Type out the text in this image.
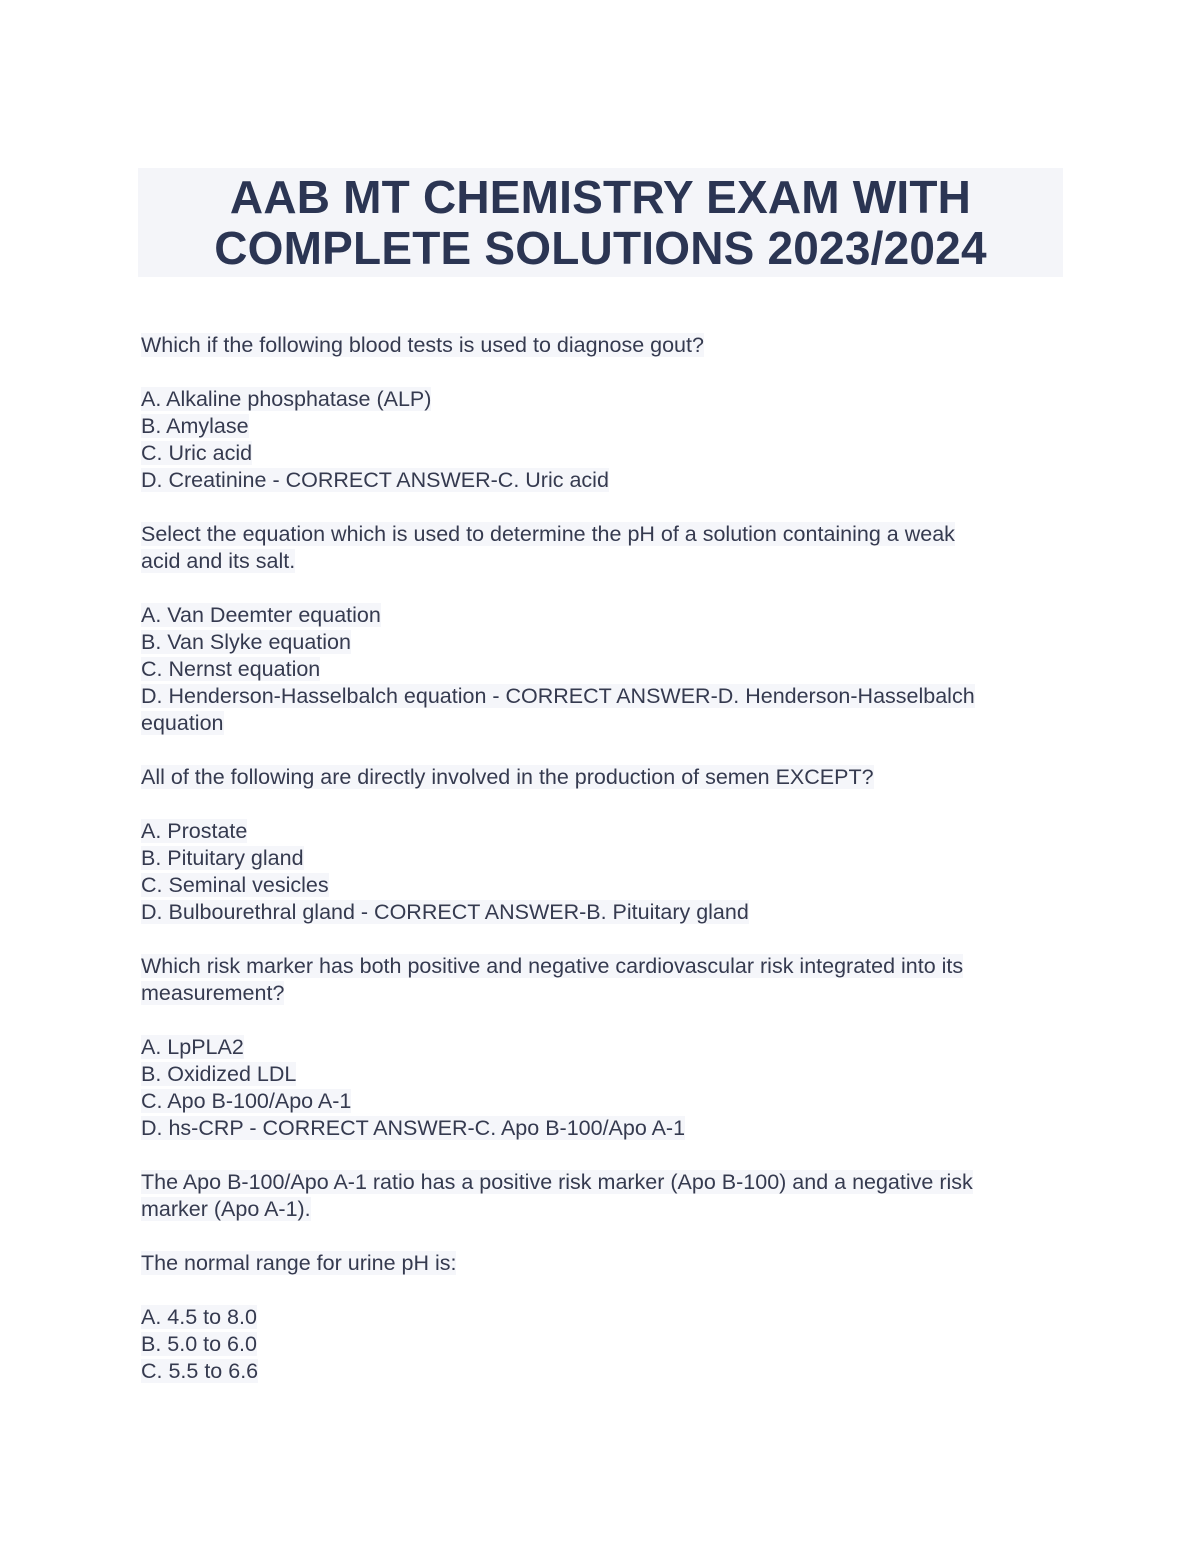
AAB MT CHEMISTRY EXAM WITH
COMPLETE SOLUTIONS 2023/2024
Which if the following blood tests is used to diagnose gout?
A. Alkaline phosphatase (ALP)
B. Amylase
C. Uric acid
D. Creatinine - CORRECT ANSWER-C. Uric acid
Select the equation which is used to determine the pH of a solution containing a weak
acid and its salt.
A. Van Deemter equation
B. Van Slyke equation
C. Nernst equation
D. Henderson-Hasselbalch equation - CORRECT ANSWER-D. Henderson-Hasselbalch
equation
All of the following are directly involved in the production of semen EXCEPT?
A. Prostate
B. Pituitary gland
C. Seminal vesicles
D. Bulbourethral gland - CORRECT ANSWER-B. Pituitary gland
Which risk marker has both positive and negative cardiovascular risk integrated into its
measurement?
A. LpPLA2
B. Oxidized LDL
C. Apo B-100/Apo A-1
D. hs-CRP - CORRECT ANSWER-C. Apo B-100/Apo A-1
The Apo B-100/Apo A-1 ratio has a positive risk marker (Apo B-100) and a negative risk
marker (Apo A-1).
The normal range for urine pH is:
A. 4.5 to 8.0
B. 5.0 to 6.0
C. 5.5 to 6.6
